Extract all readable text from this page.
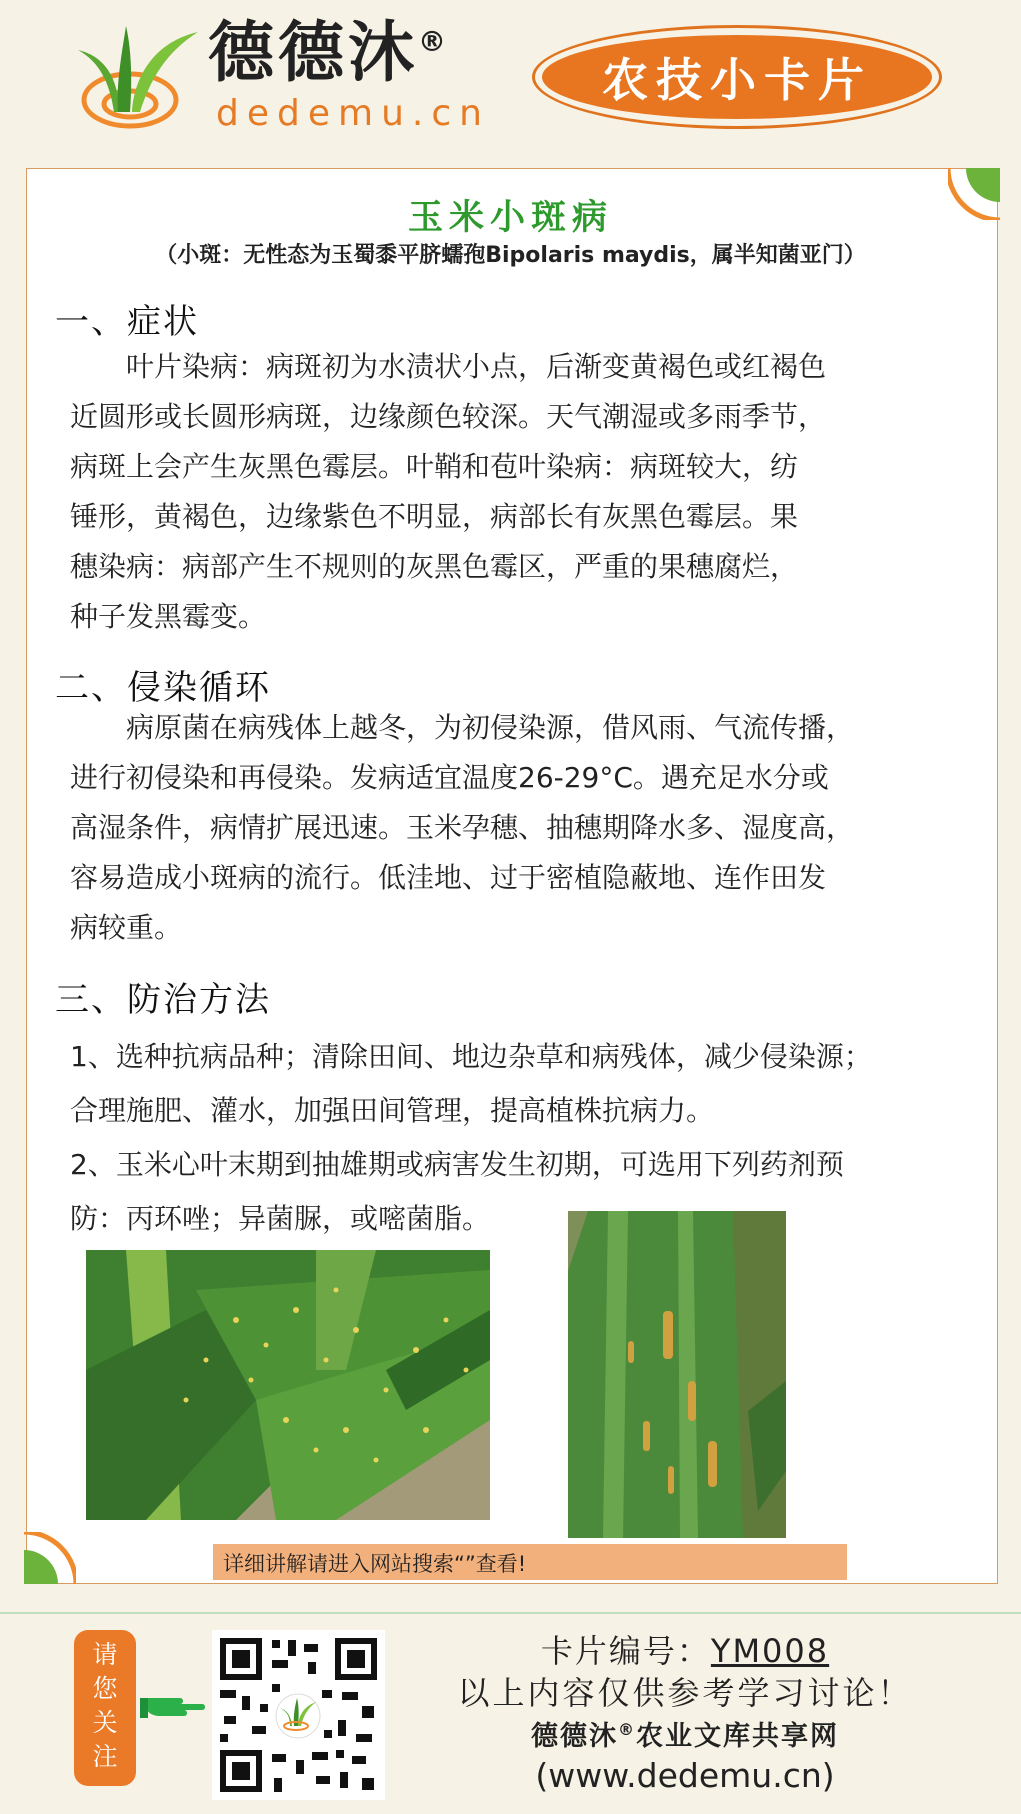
德德沐®
dedemu.cn
农技小卡片
玉米小斑病
（小斑：无性态为玉蜀黍平脐蠕孢Bipolaris maydis，属半知菌亚门）
一、症状

叶片染病：病斑初为水渍状小点，后渐变黄褐色或红褐色

近圆形或长圆形病斑，边缘颜色较深。天气潮湿或多雨季节，

病斑上会产生灰黑色霉层。叶鞘和苞叶染病：病斑较大，纺

锤形，黄褐色，边缘紫色不明显，病部长有灰黑色霉层。果

穗染病：病部产生不规则的灰黑色霉区，严重的果穗腐烂，

种子发黑霉变。

二、侵染循环

病原菌在病残体上越冬，为初侵染源，借风雨、气流传播，

进行初侵染和再侵染。发病适宜温度26-29°C。遇充足水分或

高湿条件，病情扩展迅速。玉米孕穗、抽穗期降水多、湿度高，

容易造成小斑病的流行。低洼地、过于密植隐蔽地、连作田发

病较重。

三、防治方法

1、选种抗病品种；清除田间、地边杂草和病残体，减少侵染源；

合理施肥、灌水，加强田间管理，提高植株抗病力。

2、玉米心叶末期到抽雄期或病害发生初期，可选用下列药剂预

防：丙环唑；异菌脲，或嘧菌脂。

详细讲解请进入网站搜索“”查看!
请
您
关
注
卡片编号：YM008
以上内容仅供参考学习讨论！
德德沐®农业文库共享网
(www.dedemu.cn)
